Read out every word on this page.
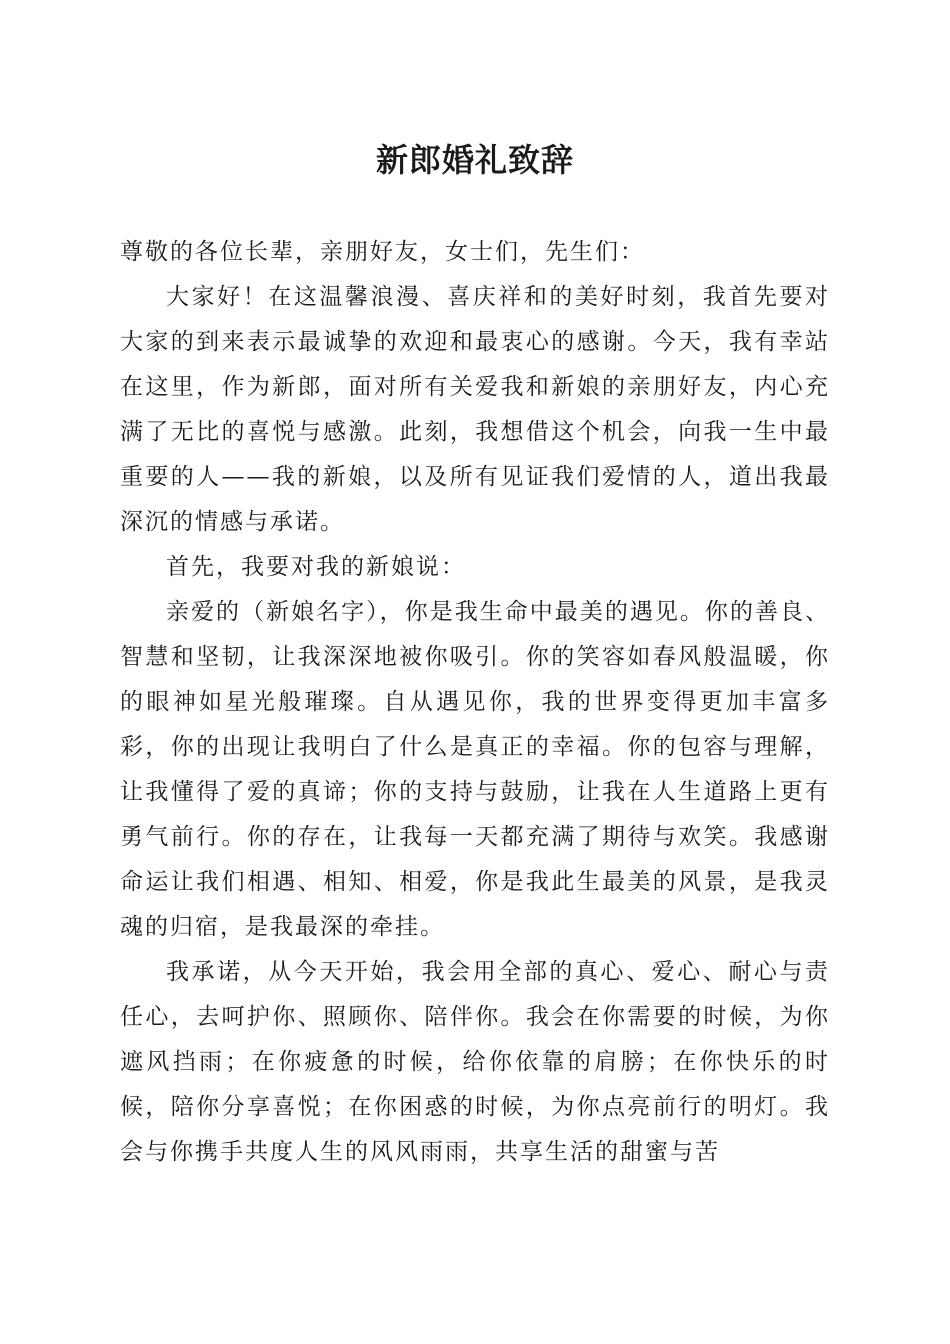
新郎婚礼致辞

尊敬的各位长辈，亲朋好友，女士们，先生们：

大家好！在这温馨浪漫、喜庆祥和的美好时刻，我首先要对大家的到来表示最诚挚的欢迎和最衷心的感谢。今天，我有幸站在这里，作为新郎，面对所有关爱我和新娘的亲朋好友，内心充满了无比的喜悦与感激。此刻，我想借这个机会，向我一生中最重要的人——我的新娘，以及所有见证我们爱情的人，道出我最深沉的情感与承诺。

首先，我要对我的新娘说：

亲爱的（新娘名字），你是我生命中最美的遇见。你的善良、智慧和坚韧，让我深深地被你吸引。你的笑容如春风般温暖，你的眼神如星光般璀璨。自从遇见你，我的世界变得更加丰富多彩，你的出现让我明白了什么是真正的幸福。你的包容与理解，让我懂得了爱的真谛；你的支持与鼓励，让我在人生道路上更有勇气前行。你的存在，让我每一天都充满了期待与欢笑。我感谢命运让我们相遇、相知、相爱，你是我此生最美的风景，是我灵魂的归宿，是我最深的牵挂。

我承诺，从今天开始，我会用全部的真心、爱心、耐心与责任心，去呵护你、照顾你、陪伴你。我会在你需要的时候，为你遮风挡雨；在你疲惫的时候，给你依靠的肩膀；在你快乐的时候，陪你分享喜悦；在你困惑的时候，为你点亮前行的明灯。我会与你携手共度人生的风风雨雨，共享生活的甜蜜与苦
